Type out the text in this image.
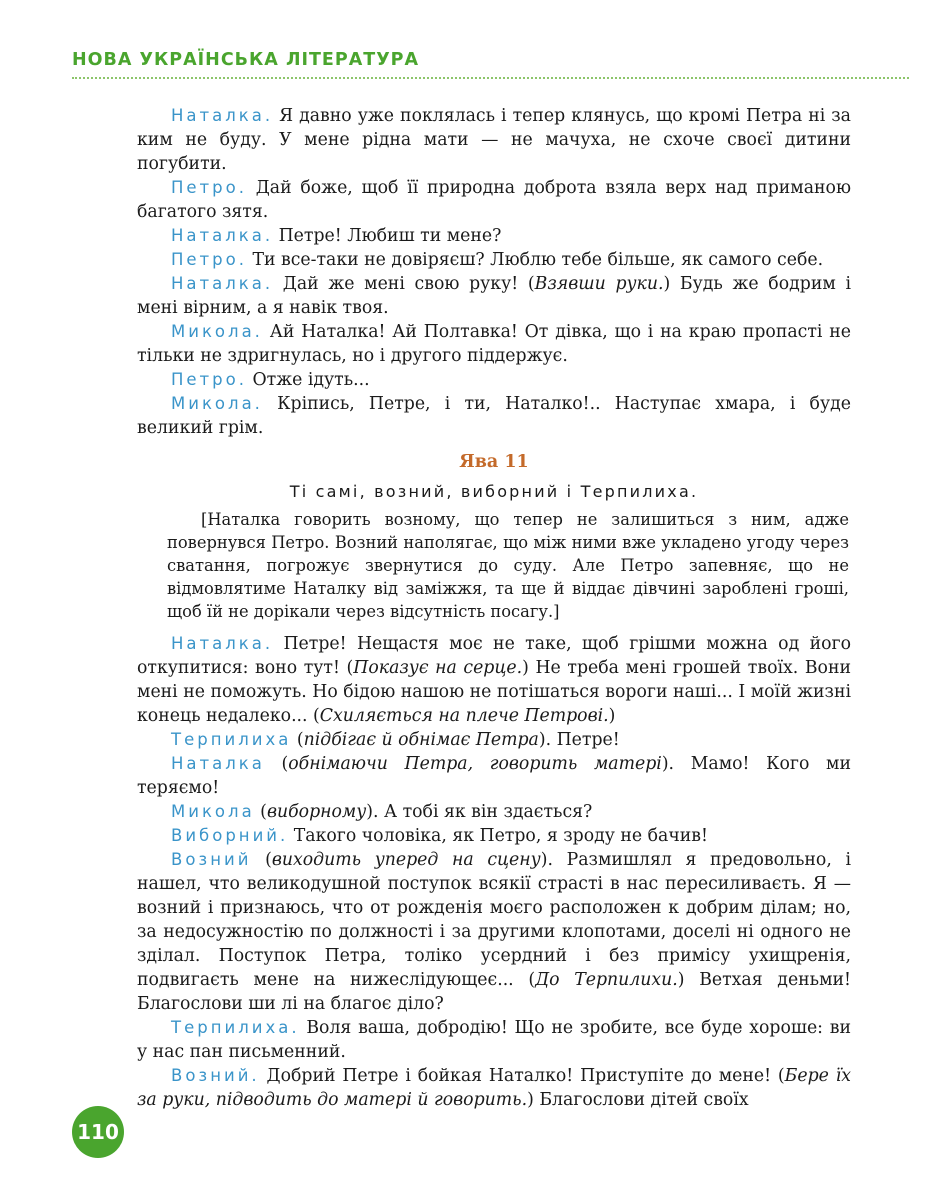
НОВА УКРАЇНСЬКА ЛІТЕРАТУРА

Наталка. Я давно уже поклялась і тепер клянусь, що кромі Петра ні за ким не буду. У мене рідна мати — не мачуха, не схоче своєї дитини погубити.

Петро. Дай боже, щоб її природна доброта взяла верх над приманою багатого зятя.

Наталка. Петре! Любиш ти мене?

Петро. Ти все-таки не довіряєш? Люблю тебе більше, як самого себе.

Наталка. Дай же мені свою руку! (Взявши руки.) Будь же бодрим і мені вірним, а я навік твоя.

Микола. Ай Наталка! Ай Полтавка! От дівка, що і на краю пропасті не тільки не здригнулась, но і другого піддержує.

Петро. Отже ідуть...

Микола. Кріпись, Петре, і ти, Наталко!.. Наступає хмара, і буде великий грім.

Ява 11

Ті самі, возний, виборний і Терпилиха.

[Наталка говорить возному, що тепер не залишиться з ним, адже повернувся Петро. Возний наполягає, що між ними вже укладено угоду через сватання, погрожує звернутися до суду. Але Петро запевняє, що не відмовлятиме Наталку від заміжжя, та ще й віддає дівчині зароблені гроші, щоб їй не дорікали через відсутність посагу.]

Наталка. Петре! Нещастя моє не таке, щоб грішми можна од його откупитися: воно тут! (Показує на серце.) Не треба мені грошей твоїх. Вони мені не поможуть. Но бідою нашою не потішаться вороги наші... І моїй жизні конець недалеко... (Схиляється на плече Петрові.)

Терпилиха (підбігає й обнімає Петра). Петре!

Наталка (обнімаючи Петра, говорить матері). Мамо! Кого ми теряємо!

Микола (виборному). А тобі як він здається?

Виборний. Такого чоловіка, як Петро, я зроду не бачив!

Возний (виходить уперед на сцену). Размишлял я предовольно, і нашел, что великодушной поступок всякії страсті в нас пересиливаєть. Я — возний і признаюсь, что от рожденія моєго расположен к добрим ділам; но, за недосужностію по должності і за другими клопотами, доселі ні одного не зділал. Поступок Петра, толіко усердний і без примісу ухищренія, подвигаєть мене на нижеслідующеє... (До Терпилихи.) Ветхая деньми! Благослови ши лі на благоє діло?

Терпилиха. Воля ваша, добродію! Що не зробите, все буде хороше: ви у нас пан письменний.

Возний. Добрий Петре і бойкая Наталко! Приступіте до мене! (Бере їх за руки, підводить до матері й говорить.) Благослови дітей своїх

110
